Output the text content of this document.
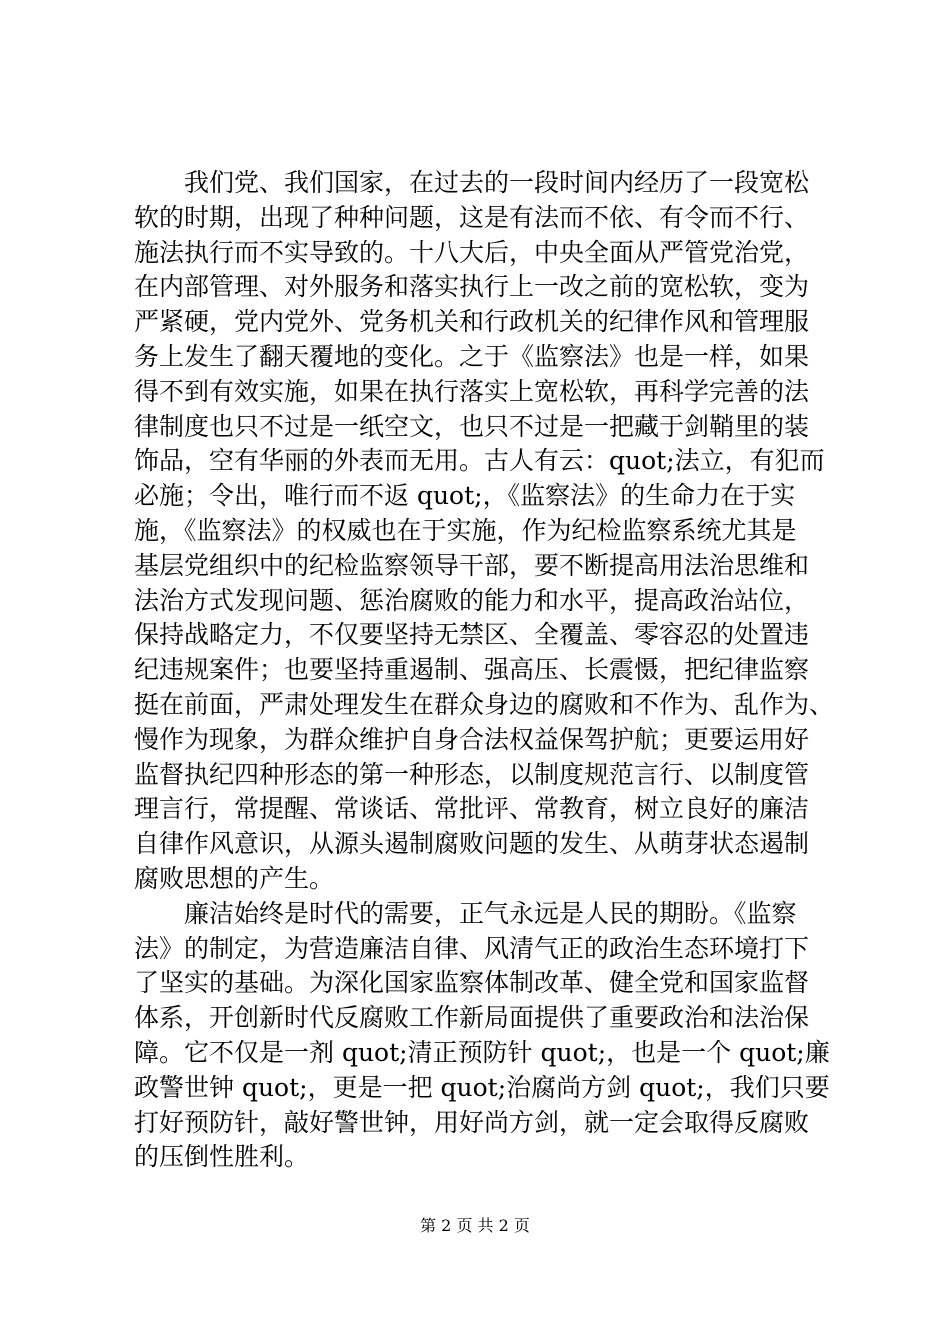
我们党、我们国家，在过去的一段时间内经历了一段宽松
软的时期，出现了种种问题，这是有法而不依、有令而不行、
施法执行而不实导致的。十八大后，中央全面从严管党治党，
在内部管理、对外服务和落实执行上一改之前的宽松软，变为
严紧硬，党内党外、党务机关和行政机关的纪律作风和管理服
务上发生了翻天覆地的变化。之于《监察法》也是一样，如果
得不到有效实施，如果在执行落实上宽松软，再科学完善的法
律制度也只不过是一纸空文，也只不过是一把藏于剑鞘里的装
饰品，空有华丽的外表而无用。古人有云：quot;法立，有犯而
必施；令出，唯行而不返 quot;，《监察法》的生命力在于实
施，《监察法》的权威也在于实施，作为纪检监察系统尤其是
基层党组织中的纪检监察领导干部，要不断提高用法治思维和
法治方式发现问题、惩治腐败的能力和水平，提高政治站位，
保持战略定力，不仅要坚持无禁区、全覆盖、零容忍的处置违
纪违规案件；也要坚持重遏制、强高压、长震慑，把纪律监察
挺在前面，严肃处理发生在群众身边的腐败和不作为、乱作为、
慢作为现象，为群众维护自身合法权益保驾护航；更要运用好
监督执纪四种形态的第一种形态，以制度规范言行、以制度管
理言行，常提醒、常谈话、常批评、常教育，树立良好的廉洁
自律作风意识，从源头遏制腐败问题的发生、从萌芽状态遏制
腐败思想的产生。
廉洁始终是时代的需要，正气永远是人民的期盼。《监察
法》的制定，为营造廉洁自律、风清气正的政治生态环境打下
了坚实的基础。为深化国家监察体制改革、健全党和国家监督
体系，开创新时代反腐败工作新局面提供了重要政治和法治保
障。它不仅是一剂 quot;清正预防针 quot;，也是一个 quot;廉
政警世钟 quot;，更是一把 quot;治腐尚方剑 quot;，我们只要
打好预防针，敲好警世钟，用好尚方剑，就一定会取得反腐败
的压倒性胜利。
第 2 页 共 2 页
